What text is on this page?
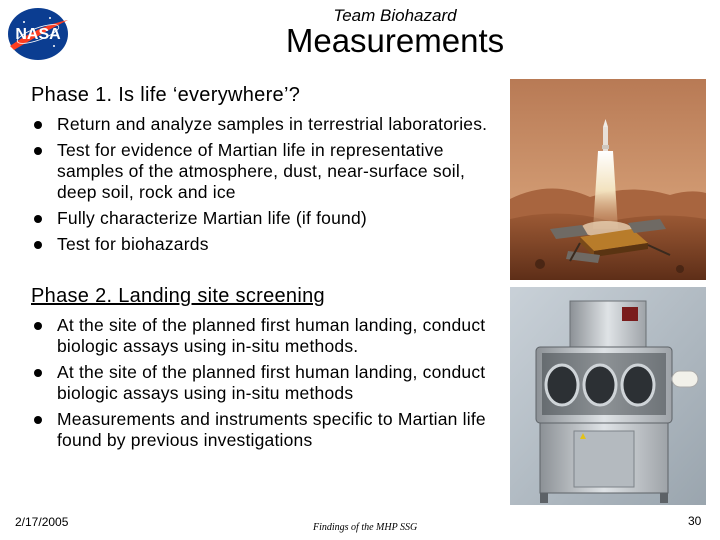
NASA
Team Biohazard
Measurements
Phase 1. Is life ‘everywhere’?
Return and analyze samples in terrestrial laboratories.
Test for evidence of Martian life in representative samples of the atmosphere, dust, near-surface soil, deep soil, rock and ice
Fully characterize Martian life (if found)
Test for biohazards
Phase 2. Landing site screening
At the site of the planned first human landing, conduct biologic assays using in-situ methods.
At the site of the planned first human landing, conduct biologic assays using in-situ methods
Measurements and instruments specific to Martian life found by previous investigations
2/17/2005	Findings of the MHP SSG	30
